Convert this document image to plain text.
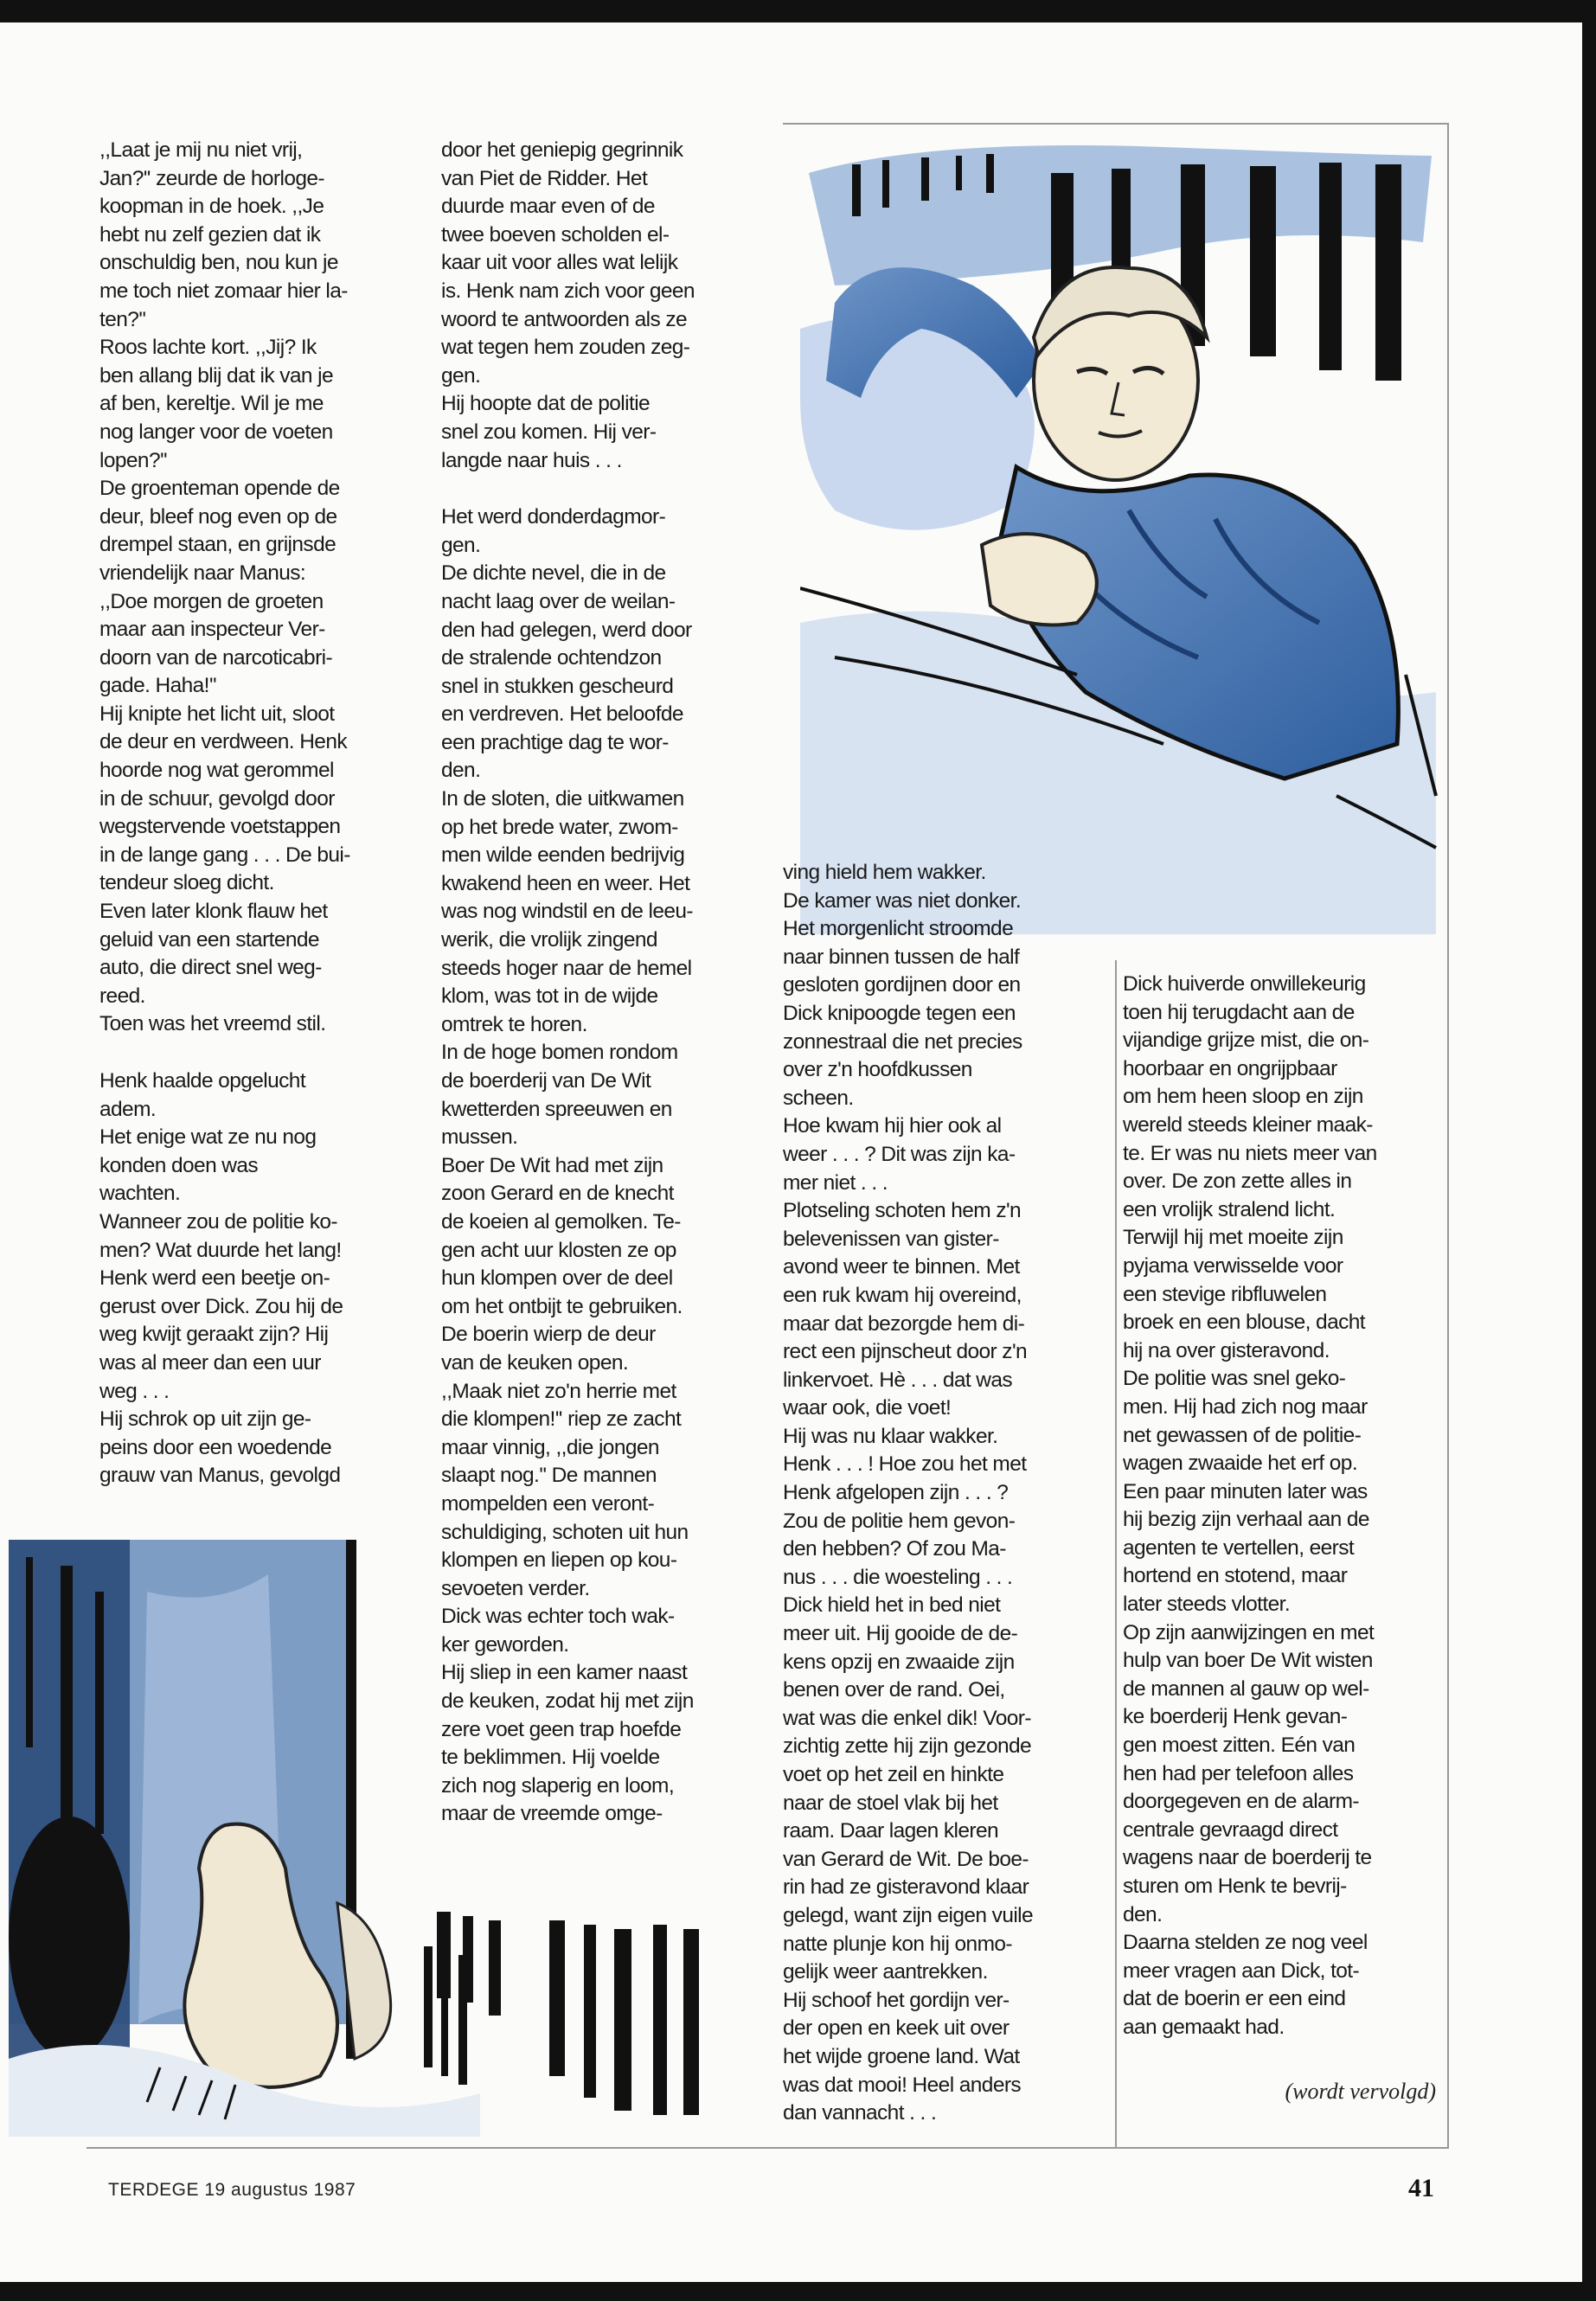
,,Laat je mij nu niet vrij,
Jan?'' zeurde de horloge-
koopman in de hoek. ,,Je
hebt nu zelf gezien dat ik
onschuldig ben, nou kun je
me toch niet zomaar hier la-
ten?''
Roos lachte kort. ,,Jij? Ik
ben allang blij dat ik van je
af ben, kereltje. Wil je me
nog langer voor de voeten
lopen?''
De groenteman opende de
deur, bleef nog even op de
drempel staan, en grijnsde
vriendelijk naar Manus:
,,Doe morgen de groeten
maar aan inspecteur Ver-
doorn van de narcoticabri-
gade. Haha!''
Hij knipte het licht uit, sloot
de deur en verdween. Henk
hoorde nog wat gerommel
in de schuur, gevolgd door
wegstervende voetstappen
in de lange gang . . . De bui-
tendeur sloeg dicht.
Even later klonk flauw het
geluid van een startende
auto, die direct snel weg-
reed.
Toen was het vreemd stil.

Henk haalde opgelucht
adem.
Het enige wat ze nu nog
konden doen was
wachten.
Wanneer zou de politie ko-
men? Wat duurde het lang!
Henk werd een beetje on-
gerust over Dick. Zou hij de
weg kwijt geraakt zijn? Hij
was al meer dan een uur
weg . . .
Hij schrok op uit zijn ge-
peins door een woedende
grauw van Manus, gevolgd

door het geniepig gegrinnik
van Piet de Ridder. Het
duurde maar even of de
twee boeven scholden el-
kaar uit voor alles wat lelijk
is. Henk nam zich voor geen
woord te antwoorden als ze
wat tegen hem zouden zeg-
gen.
Hij hoopte dat de politie
snel zou komen. Hij ver-
langde naar huis . . .

Het werd donderdagmor-
gen.
De dichte nevel, die in de
nacht laag over de weilan-
den had gelegen, werd door
de stralende ochtendzon
snel in stukken gescheurd
en verdreven. Het beloofde
een prachtige dag te wor-
den.
In de sloten, die uitkwamen
op het brede water, zwom-
men wilde eenden bedrijvig
kwakend heen en weer. Het
was nog windstil en de leeu-
werik, die vrolijk zingend
steeds hoger naar de hemel
klom, was tot in de wijde
omtrek te horen.
In de hoge bomen rondom
de boerderij van De Wit
kwetterden spreeuwen en
mussen.
Boer De Wit had met zijn
zoon Gerard en de knecht
de koeien al gemolken. Te-
gen acht uur klosten ze op
hun klompen over de deel
om het ontbijt te gebruiken.
De boerin wierp de deur
van de keuken open.
,,Maak niet zo'n herrie met
die klompen!'' riep ze zacht
maar vinnig, ,,die jongen
slaapt nog.'' De mannen
mompelden een veront-
schuldiging, schoten uit hun
klompen en liepen op kou-
sevoeten verder.
Dick was echter toch wak-
ker geworden.
Hij sliep in een kamer naast
de keuken, zodat hij met zijn
zere voet geen trap hoefde
te beklimmen. Hij voelde
zich nog slaperig en loom,
maar de vreemde omge-

ving hield hem wakker.
De kamer was niet donker.
Het morgenlicht stroomde
naar binnen tussen de half
gesloten gordijnen door en
Dick knipoogde tegen een
zonnestraal die net precies
over z'n hoofdkussen
scheen.
Hoe kwam hij hier ook al
weer . . . ? Dit was zijn ka-
mer niet . . .
Plotseling schoten hem z'n
belevenissen van gister-
avond weer te binnen. Met
een ruk kwam hij overeind,
maar dat bezorgde hem di-
rect een pijnscheut door z'n
linkervoet. Hè . . . dat was
waar ook, die voet!
Hij was nu klaar wakker.
Henk . . . ! Hoe zou het met
Henk afgelopen zijn . . . ?
Zou de politie hem gevon-
den hebben? Of zou Ma-
nus . . . die woesteling . . .
Dick hield het in bed niet
meer uit. Hij gooide de de-
kens opzij en zwaaide zijn
benen over de rand. Oei,
wat was die enkel dik! Voor-
zichtig zette hij zijn gezonde
voet op het zeil en hinkte
naar de stoel vlak bij het
raam. Daar lagen kleren
van Gerard de Wit. De boe-
rin had ze gisteravond klaar
gelegd, want zijn eigen vuile
natte plunje kon hij onmo-
gelijk weer aantrekken.
Hij schoof het gordijn ver-
der open en keek uit over
het wijde groene land. Wat
was dat mooi! Heel anders
dan vannacht . . .

Dick huiverde onwillekeurig
toen hij terugdacht aan de
vijandige grijze mist, die on-
hoorbaar en ongrijpbaar
om hem heen sloop en zijn
wereld steeds kleiner maak-
te. Er was nu niets meer van
over. De zon zette alles in
een vrolijk stralend licht.
Terwijl hij met moeite zijn
pyjama verwisselde voor
een stevige ribfluwelen
broek en een blouse, dacht
hij na over gisteravond.
De politie was snel geko-
men. Hij had zich nog maar
net gewassen of de politie-
wagen zwaaide het erf op.
Een paar minuten later was
hij bezig zijn verhaal aan de
agenten te vertellen, eerst
hortend en stotend, maar
later steeds vlotter.
Op zijn aanwijzingen en met
hulp van boer De Wit wisten
de mannen al gauw op wel-
ke boerderij Henk gevan-
gen moest zitten. Eén van
hen had per telefoon alles
doorgegeven en de alarm-
centrale gevraagd direct
wagens naar de boerderij te
sturen om Henk te bevrij-
den.
Daarna stelden ze nog veel
meer vragen aan Dick, tot-
dat de boerin er een eind
aan gemaakt had.

(wordt vervolgd)
TERDEGE 19 augustus 1987	41
